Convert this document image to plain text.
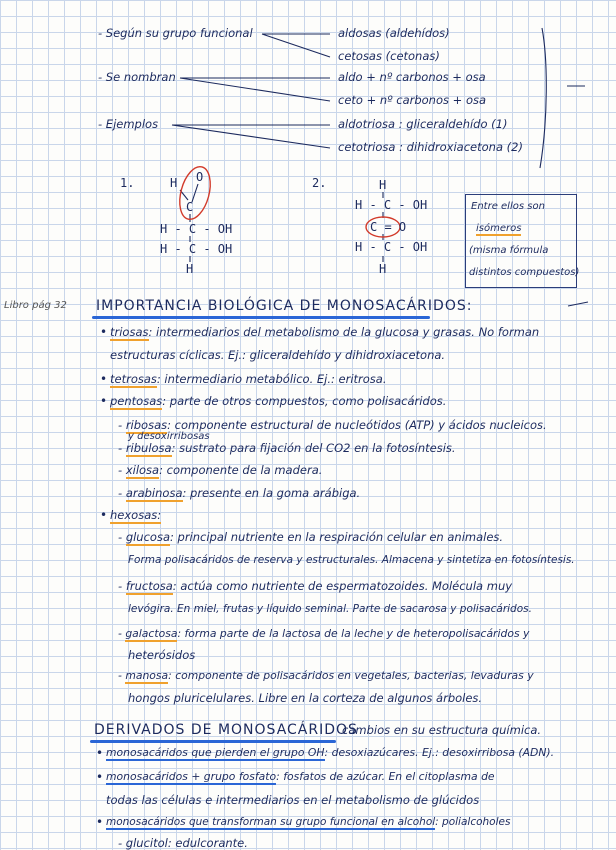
- Según su grupo funcional	aldosas (aldehídos)
cetosas (cetonas)
- Se nombran	aldo + nº carbonos + osa
ceto + nº carbonos + osa
- Ejemplos	aldotriosa : gliceraldehído (1)
cetotriosa : dihidroxiacetona (2)
1.	H O
C
H - C - OH
H - C - OH
H
2.	H
H - C - OH
C = O
H - C - OH
H
Entre ellos son
isómeros
(misma fórmula
distintos compuestos)
Libro pág 32 IMPORTANCIA BIOLÓGICA DE MONOSACÁRIDOS:
• triosas: intermediarios del metabolismo de la glucosa y grasas. No forman
estructuras cíclicas. Ej.: gliceraldehído y dihidroxiacetona.
• tetrosas: intermediario metabólico. Ej.: eritrosa.
• pentosas: parte de otros compuestos, como polisacáridos.
- ribosas: componente estructural de nucleótidos (ATP) y ácidos nucleicos.
y desoxirribosas
- ribulosa: sustrato para fijación del CO2 en la fotosíntesis.
- xilosa: componente de la madera.
- arabinosa: presente en la goma arábiga.
• hexosas:
- glucosa: principal nutriente en la respiración celular en animales.
Forma polisacáridos de reserva y estructurales. Almacena y sintetiza en fotosíntesis.
- fructosa: actúa como nutriente de espermatozoides. Molécula muy
levógira. En miel, frutas y líquido seminal. Parte de sacarosa y polisacáridos.
- galactosa: forma parte de la lactosa de la leche y de heteropolisacáridos y
heterósidos
- manosa: componente de polisacáridos en vegetales, bacterias, levaduras y
hongos pluricelulares. Libre en la corteza de algunos árboles.
DERIVADOS DE MONOSACÁRIDOS
cambios en su estructura química.
• monosacáridos que pierden el grupo OH: desoxiazúcares. Ej.: desoxirribosa (ADN).
• monosacáridos + grupo fosfato: fosfatos de azúcar. En el citoplasma de
todas las células e intermediarios en el metabolismo de glúcidos
• monosacáridos que transforman su grupo funcional en alcohol: polialcoholes
- glucitol: edulcorante.
